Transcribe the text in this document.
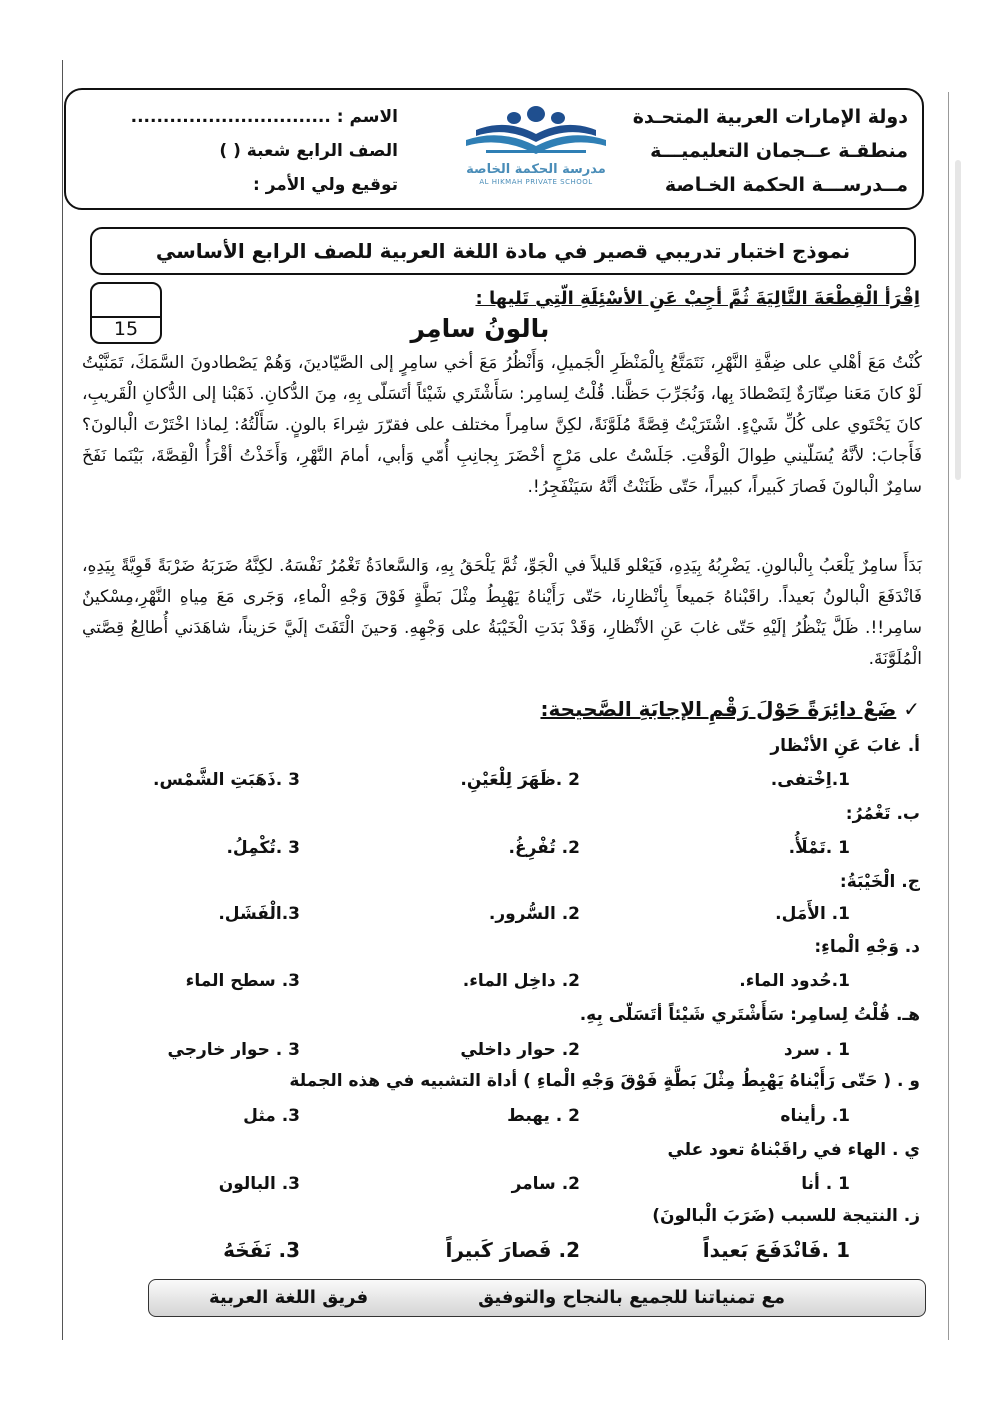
دولة الإمارات العربية المتحـدة
منطقـة عــجمان التعليميـــة
مــدرســـة الحكمة الخـاصة
مدرسة الحكمة الخاصة
AL HIKMAH PRIVATE SCHOOL
الاسم : ...............................
الصف الرابع شعبة ( )
توقيع ولي الأمر :
نموذج اختبار تدريبي قصير في مادة اللغة العربية للصف الرابع الأساسي
15
اِقْرَأ الْقِطْعَةَ التَّالِيَةَ ثُمَّ أجِبْ عَنِ الأسْئِلَةِ الّتِي تَليها :
بالونُ سامِر
كُنْتُ مَعَ أهْلي على ضِفَّةِ النَّهْرِ، نَتَمَتَّعُ بِالْمَنْظَرِ الْجَميلِ، وَأَنْظُرُ مَعَ أخي سامِرٍ إلى الصَّيّادينَ، وَهُمْ يَصْطادونَ السَّمَكَ، تَمَنَّيْتُ لَوْ كانَ مَعَنا صِنّارَةٌ لِنَصْطادَ بِها، وَنُجَرِّبَ حَظَّنا. قُلْتُ لِسامِر: سَأَشْتَري شَيْئاً أتَسَلّى بِهِ، مِنَ الدُّكانِ. ذَهَبْنا إلى الدُّكانِ الْقَريبِ، كانَ يَحْتَوي على كُلِّ شَيْءٍ. اشْتَرَيْتُ قِصَّةً مُلَوَّنَةً، لكِنَّ سامِراً مختلف على فقرّرَ شِراءَ بالونٍ. سَأَلْتُهُ: لِماذا اخْتَرْتَ الْبالونَ؟ فَأَجابَ: لأنَّهُ يُسَلّيني طِوالَ الْوَقْتِ. جَلَسْتُ على مَرْجٍ أخْضَرَ بِجانِبِ أُمّي وَأبي، أمامَ النَّهْرِ، وَأَخَذْتُ أقْرَأُ الْقِصَّةَ، بَيْنَما نَفَخَ سامِرٌ الْبالونَ فَصارَ كَبيراً، كبيراً، حَتّى ظَنَنْتُ أنَّهُ سَيَنْفَجِرُ!.
بَدَأَ سامِرٌ يَلْعَبُ بِالْبالونِ. يَضْرِبُهُ بِيَدِهِ، فَيَعْلو قَليلاً في الْجَوِّ، ثُمَّ يَلْحَقُ بِهِ، وَالسَّعادَةُ تَغْمُرُ نَفْسَهُ. لكِنَّهُ ضَرَبَهُ ضَرْبَةً قَوِيَّةً بِيَدِهِ، فَانْدَفَعَ الْبالونُ بَعيداً. راقَبْناهُ جَميعاً بِأنْظارِنا، حَتّى رَأَيْناهُ يَهْبِطُ مِثْلَ بَطَّةٍ فَوْقَ وَجْهِ الْماءِ، وَجَرى مَعَ مِياهِ النَّهْرِ،مِسْكينٌ سامِر!!. ظَلَّ يَنْظُرُ إلَيْهِ حَتّى غابَ عَنِ الأنْظارِ، وَقَدْ بَدَتِ الْخَيْبَةُ على وَجْهِهِ. وَحينَ الْتَفَتَ إلَيَّ حَزيناً، شاهَدَني أُطالِعُ قِصَّتي الْمُلَوَّنَةَ.
✓ ضَعْ دائِرَةً حَوْلَ رَقْمِ الإجابَةِ الصَّحيحة:
أ. غابَ عَنِ الأنْظار
1.اِخْتفى.
2 .ظَهَرَ لِلْعَيْنِ.
3 .ذَهَبَتِ الشَّمْس.
ب. تَغْمُرُ:
1 .تَمْلَأُ.
2. تُفْرِغُ.
3 .تُكْمِلُ.
ج. الْخَيْبَةُ:
1. الأَمَل.
2. السُّرور.
3.الْفَشَل.
د. وَجْهِ الْماءِ:
1.حُدود الماء.
2. داخِل الماء.
3. سطح الماء
هـ. قُلْتُ لِسامِر: سَأَشْتَري شَيْئاً أتَسَلّى بِهِ.
1 . سرد
2. حوار داخلي
3 . حوار خارجي
و . ( حَتّى رَأَيْناهُ يَهْبِطُ مِثْلَ بَطَّةٍ فَوْقَ وَجْهِ الْماءِ ) أداة التشبيه في هذه الجملة
1. رأيناه
2 . يهبط
3. مثل
ي . الهاء في راقَبْناهُ تعود علي
1 . أنا
2. سامر
3. البالون
ز. النتيجة للسبب (ضَرَبَ الْبالونَ)
1 .فَانْدَفَعَ بَعيداً
2. فَصارَ كَبيراً
3. نَفَخَهُ
مع تمنياتنا للجميع بالنجاح والتوفيق
فريق اللغة العربية
